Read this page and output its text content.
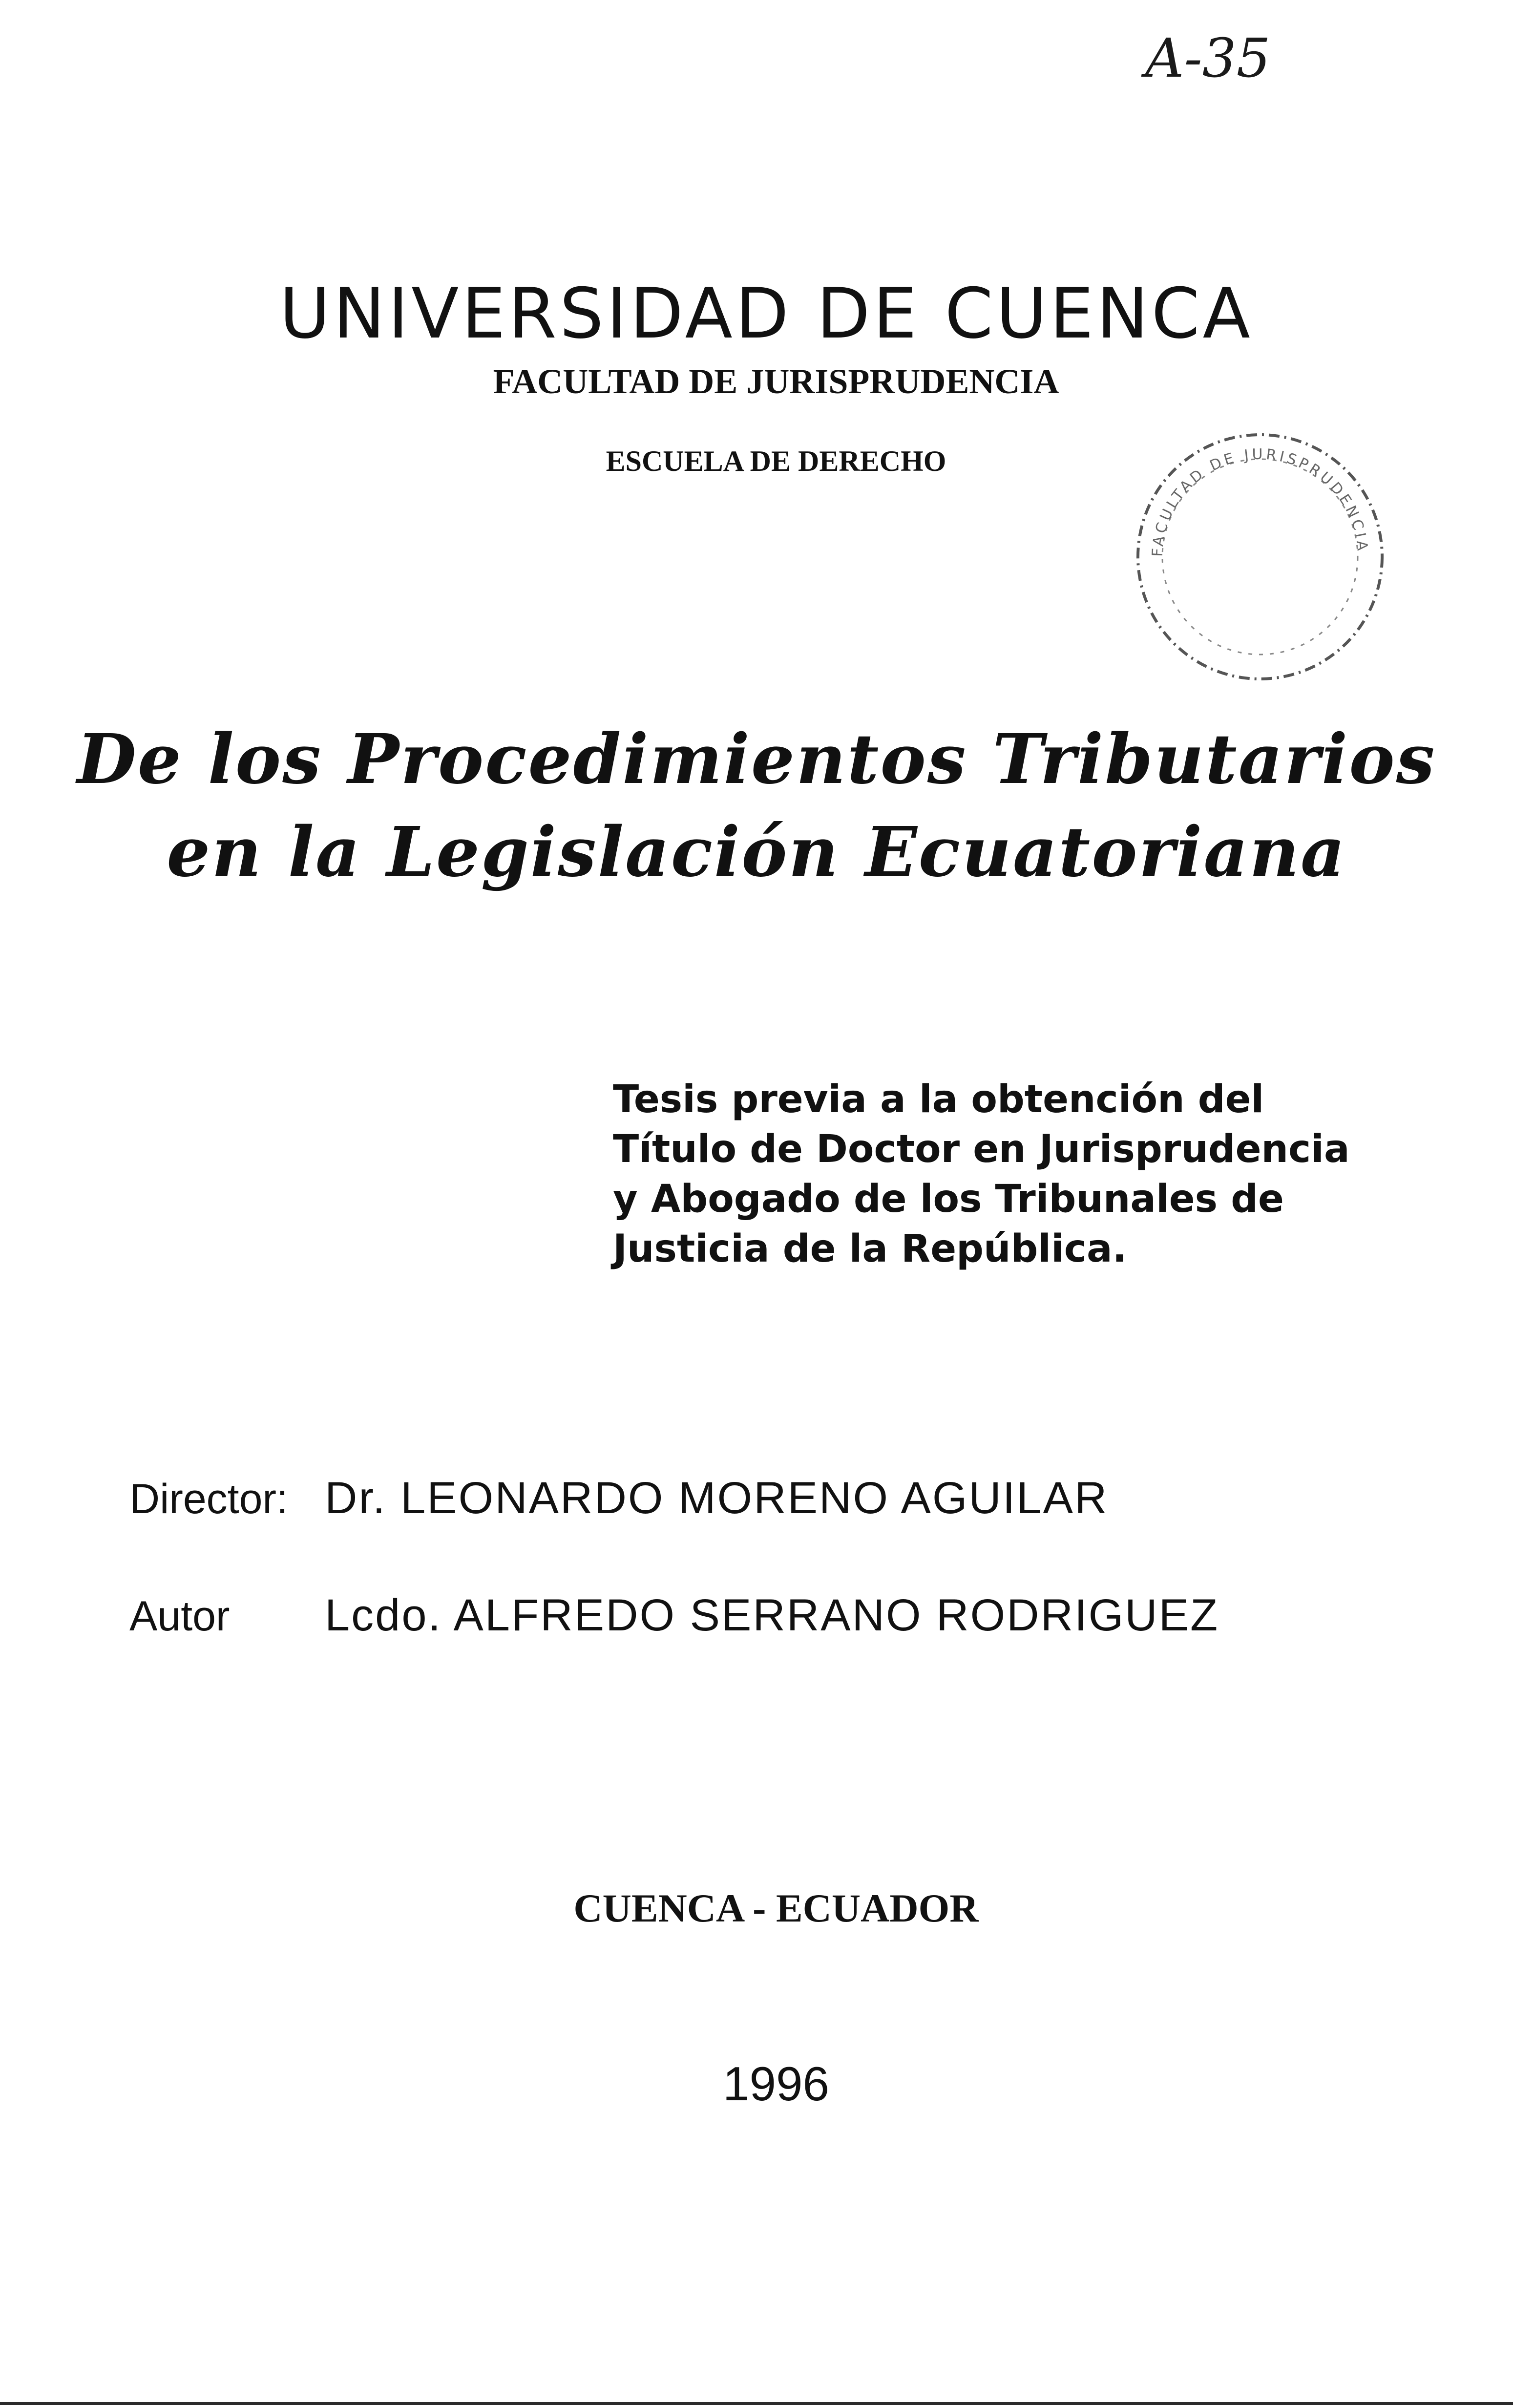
A-35
UNIVERSIDAD DE CUENCA
FACULTAD DE JURISPRUDENCIA
ESCUELA DE DERECHO
FACULTAD DE JURISPRUDENCIA
De los Procedimientos Tributarios
en la Legislación Ecuatoriana
Tesis previa a la obtención del
Título de Doctor en Jurisprudencia
y Abogado de los Tribunales de
Justicia de la República.
Director: Dr. LEONARDO MORENO AGUILAR
Autor Lcdo. ALFREDO SERRANO RODRIGUEZ
CUENCA - ECUADOR
1996
